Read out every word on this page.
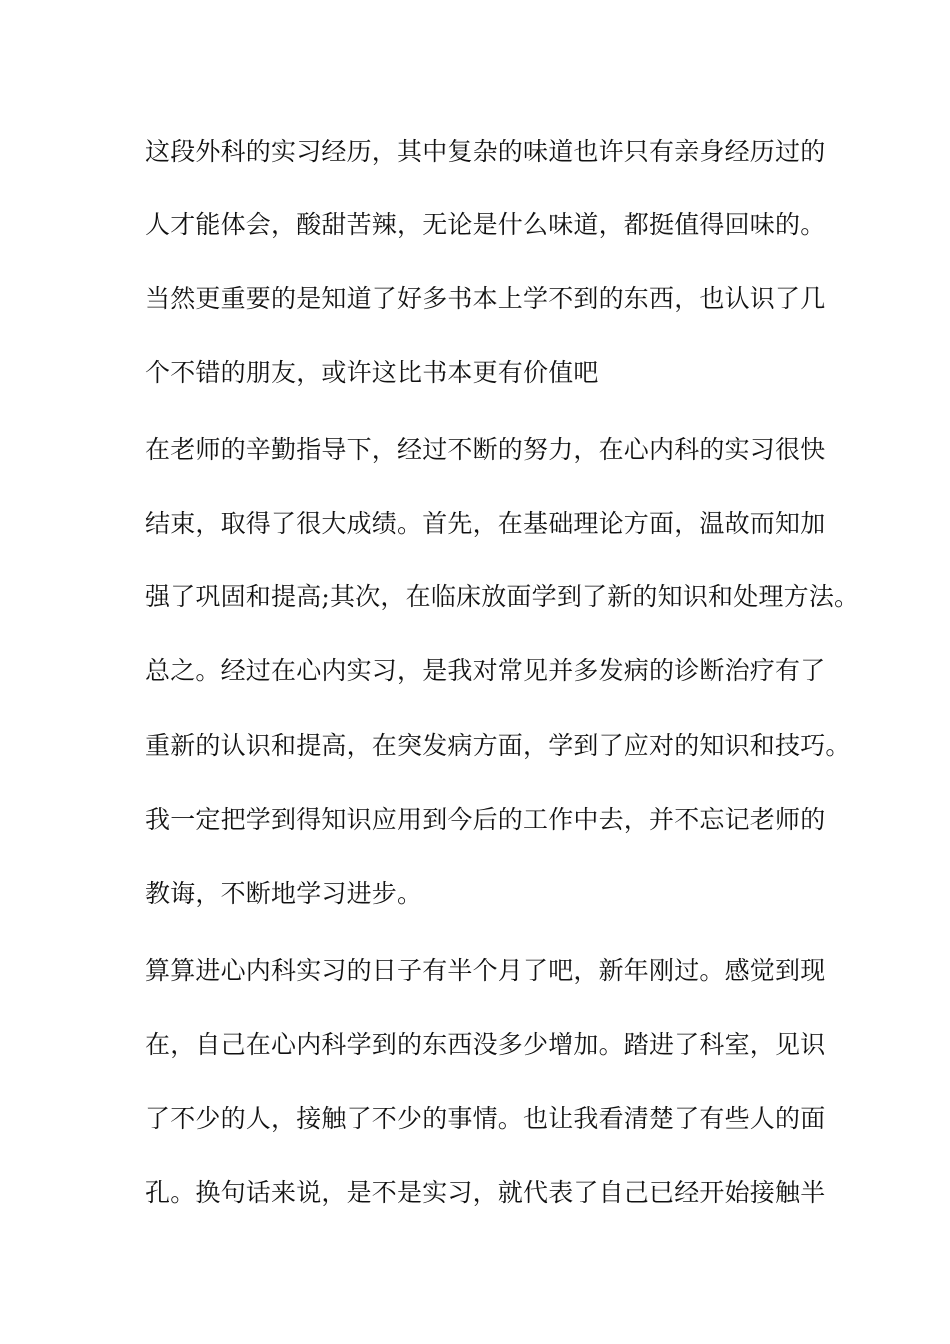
这段外科的实习经历，其中复杂的味道也许只有亲身经历过的
人才能体会，酸甜苦辣，无论是什么味道，都挺值得回味的。
当然更重要的是知道了好多书本上学不到的东西，也认识了几
个不错的朋友，或许这比书本更有价值吧
在老师的辛勤指导下，经过不断的努力，在心内科的实习很快
结束，取得了很大成绩。首先，在基础理论方面，温故而知加
强了巩固和提高;其次，在临床放面学到了新的知识和处理方法。
总之。经过在心内实习，是我对常见并多发病的诊断治疗有了
重新的认识和提高，在突发病方面，学到了应对的知识和技巧。
我一定把学到得知识应用到今后的工作中去，并不忘记老师的
教诲，不断地学习进步。
算算进心内科实习的日子有半个月了吧，新年刚过。感觉到现
在，自己在心内科学到的东西没多少增加。踏进了科室，见识
了不少的人，接触了不少的事情。也让我看清楚了有些人的面
孔。换句话来说，是不是实习，就代表了自己已经开始接触半
